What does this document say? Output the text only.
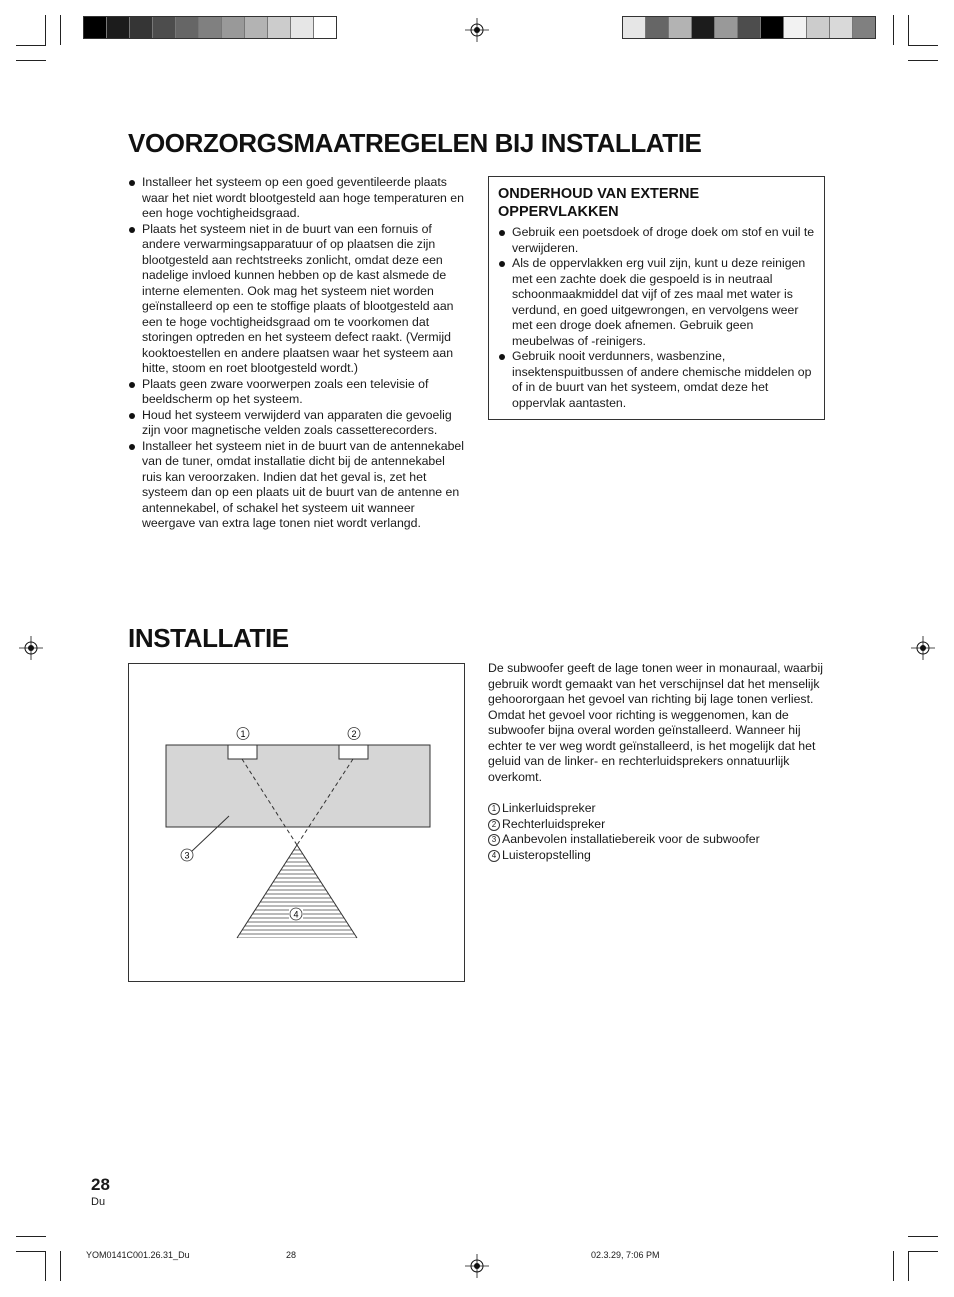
VOORZORGSMAATREGELEN BIJ INSTALLATIE
Installeer het systeem op een goed geventileerde plaats waar het niet wordt blootgesteld aan hoge temperaturen en een hoge vochtigheidsgraad.
Plaats het systeem niet in de buurt van een fornuis of andere verwarmingsapparatuur of op plaatsen die zijn blootgesteld aan rechtstreeks zonlicht, omdat deze een nadelige invloed kunnen hebben op de kast alsmede de interne elementen. Ook mag het systeem niet worden geïnstalleerd op een te stoffige plaats of blootgesteld aan een te hoge vochtigheidsgraad om te voorkomen dat storingen optreden en het systeem defect raakt. (Vermijd kooktoestellen en andere plaatsen waar het systeem aan hitte, stoom en roet blootgesteld wordt.)
Plaats geen zware voorwerpen zoals een televisie of beeldscherm op het systeem.
Houd het systeem verwijderd van apparaten die gevoelig zijn voor magnetische velden zoals cassetterecorders.
Installeer het systeem niet in de buurt van de antennekabel van de tuner, omdat installatie dicht bij de antennekabel ruis kan veroorzaken. Indien dat het geval is, zet het systeem dan op een plaats uit de buurt van de antenne en antennekabel, of schakel het systeem uit wanneer weergave van extra lage tonen niet wordt verlangd.
ONDERHOUD VAN EXTERNE OPPERVLAKKEN
Gebruik een poetsdoek of droge doek om stof en vuil te verwijderen.
Als de oppervlakken erg vuil zijn, kunt u deze reinigen met een zachte doek die gespoeld is in neutraal schoonmaakmiddel dat vijf of zes maal met water is verdund, en goed uitgewrongen, en vervolgens weer met een droge doek afnemen. Gebruik geen meubelwas of -reinigers.
Gebruik nooit verdunners, wasbenzine, insektenspuitbussen of andere chemische middelen op of in de buurt van het systeem, omdat deze het oppervlak aantasten.
INSTALLATIE
1	2
3
4
De subwoofer geeft de lage tonen weer in monauraal, waarbij gebruik wordt gemaakt van het verschijnsel dat het menselijk gehoororgaan het gevoel van richting bij lage tonen verliest. Omdat het gevoel voor richting is weggenomen, kan de subwoofer bijna overal worden geïnstalleerd. Wanneer hij echter te ver weg wordt geïnstalleerd, is het mogelijk dat het geluid van de linker- en rechterluidsprekers onnatuurlijk overkomt.
1 Linkerluidspreker
2 Rechterluidspreker
3 Aanbevolen installatiebereik voor de subwoofer
4 Luisteropstelling
28
Du
YOM0141C001.26.31_Du	28	02.3.29, 7:06 PM
